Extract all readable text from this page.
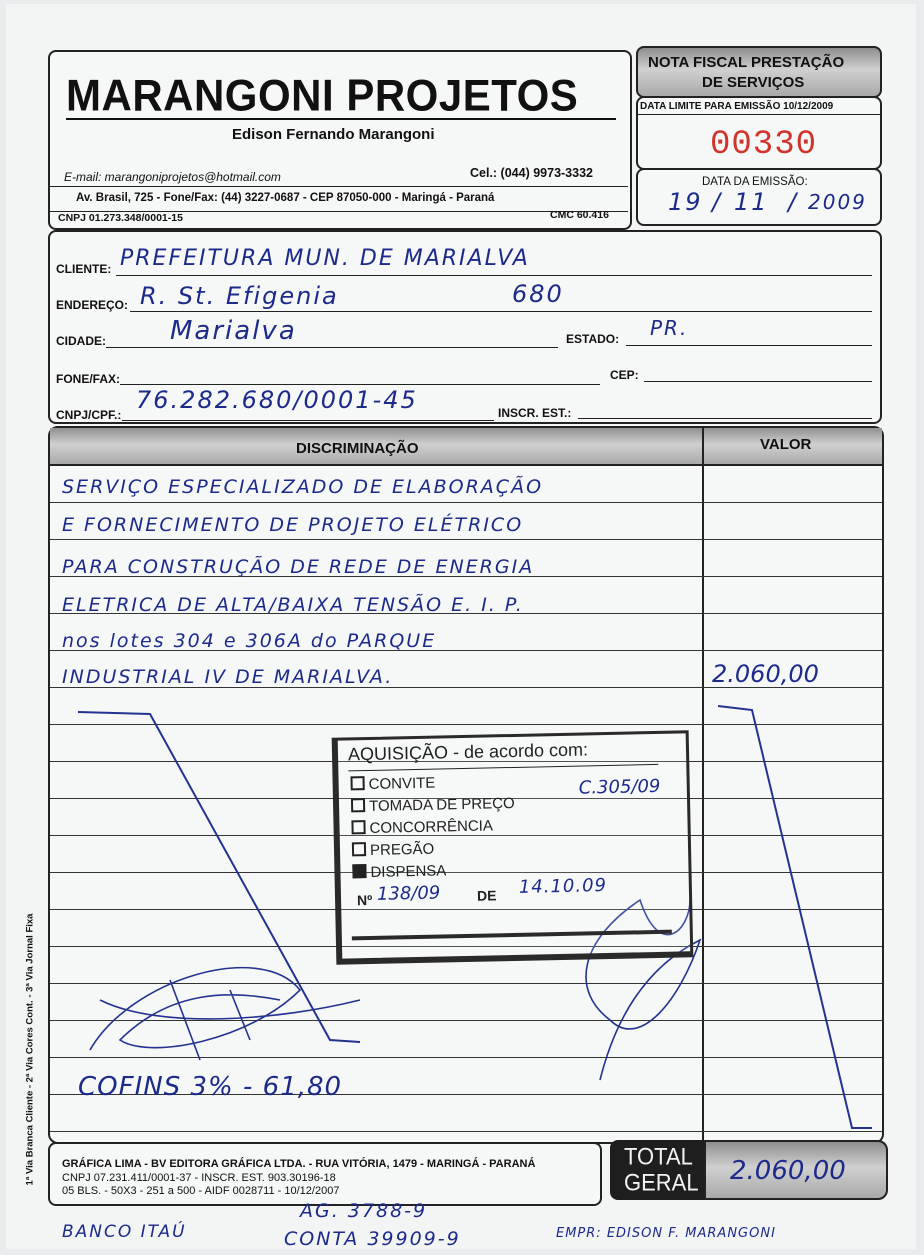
MARANGONI PROJETOS
Edison Fernando Marangoni
E-mail: marangoniprojetos@hotmail.com	Cel.: (044) 9973-3332
Av. Brasil, 725 - Fone/Fax: (44) 3227-0687 - CEP 87050-000 - Maringá - Paraná
CNPJ 01.273.348/0001-15	CMC 60.416
NOTA FISCAL PRESTAÇÃO
DE SERVIÇOS
DATA LIMITE PARA EMISSÃO 10/12/2009
00330
DATA DA EMISSÃO:
19 / 11 / 2009
CLIENTE: PREFEITURA MUN. DE MARIALVA
ENDEREÇO: R. St. Efigenia	680
CIDADE: Marialva	ESTADO: PR.
FONE/FAX:	CEP:
CNPJ/CPF.:
76.282.680/0001-45	INSCR. EST.:
DISCRIMINAÇÃO	VALOR
SERVIÇO ESPECIALIZADO DE ELABORAÇÃO
E FORNECIMENTO DE PROJETO ELÉTRICO
PARA CONSTRUÇÃO DE REDE DE ENERGIA
ELETRICA DE ALTA/BAIXA TENSÃO E. I. P.
nos lotes 304 e 306A do PARQUE
INDUSTRIAL IV DE MARIALVA.	2.060,00
COFINS 3% - 61,80
AQUISIÇÃO - de acordo com:
CONVITE
TOMADA DE PREÇO
CONCORRÊNCIA
PREGÃO
DISPENSA
C.305/09
Nº 138/09	DE 14.10.09
GRÁFICA LIMA - BV EDITORA GRÁFICA LTDA. - RUA VITÓRIA, 1479 - MARINGÁ - PARANÁ
CNPJ 07.231.411/0001-37 - INSCR. EST. 903.30196-18
05 BLS. - 50X3 - 251 a 500 - AIDF 0028711 - 10/12/2007
TOTAL
GERAL 2.060,00
1ª Via Branca Cliente - 2ª Via Cores Cont. - 3ª Via Jornal Fixa
BANCO ITAÚ
AG. 3788-9
CONTA 39909-9	EMPR: EDISON F. MARANGONI
